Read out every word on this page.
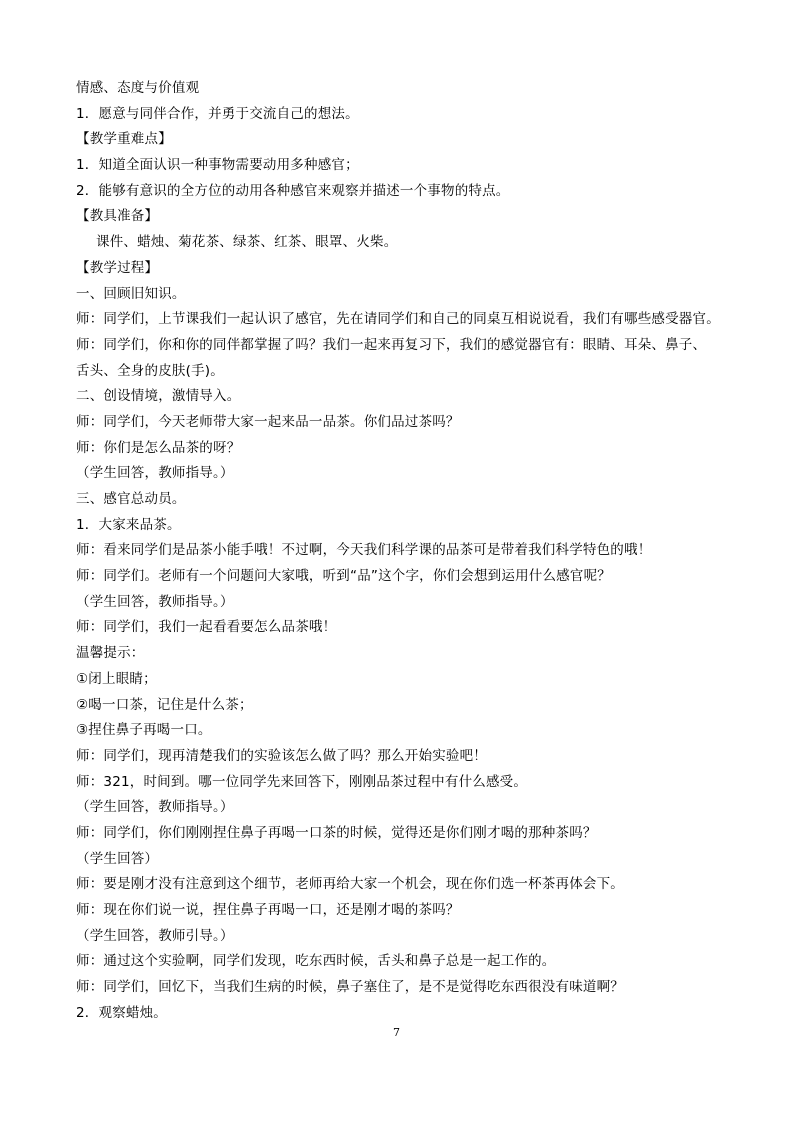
情感、态度与价值观
1．愿意与同伴合作，并勇于交流自己的想法。
【教学重难点】
1．知道全面认识一种事物需要动用多种感官；
2．能够有意识的全方位的动用各种感官来观察并描述一个事物的特点。
【教具准备】
课件、蜡烛、菊花茶、绿茶、红茶、眼罩、火柴。
【教学过程】
一、回顾旧知识。
师：同学们，上节课我们一起认识了感官，先在请同学们和自己的同桌互相说说看，我们有哪些感受器官。
师：同学们，你和你的同伴都掌握了吗？我们一起来再复习下，我们的感觉器官有：眼睛、耳朵、鼻子、
舌头、全身的皮肤(手)。
二、创设情境，激情导入。
师：同学们，今天老师带大家一起来品一品茶。你们品过茶吗？
师：你们是怎么品茶的呀？
（学生回答，教师指导。）
三、感官总动员。
1．大家来品茶。
师：看来同学们是品茶小能手哦！不过啊，今天我们科学课的品茶可是带着我们科学特色的哦！
师：同学们。老师有一个问题问大家哦，听到“品”这个字，你们会想到运用什么感官呢？
（学生回答，教师指导。）
师：同学们，我们一起看看要怎么品茶哦！
温馨提示：
①闭上眼睛；
②喝一口茶，记住是什么茶；
③捏住鼻子再喝一口。
师：同学们，现再清楚我们的实验该怎么做了吗？那么开始实验吧！
师：321，时间到。哪一位同学先来回答下，刚刚品茶过程中有什么感受。
（学生回答，教师指导。）
师：同学们，你们刚刚捏住鼻子再喝一口茶的时候，觉得还是你们刚才喝的那种茶吗？
（学生回答）
师：要是刚才没有注意到这个细节，老师再给大家一个机会，现在你们选一杯茶再体会下。
师：现在你们说一说，捏住鼻子再喝一口，还是刚才喝的茶吗？
（学生回答，教师引导。）
师：通过这个实验啊，同学们发现，吃东西时候，舌头和鼻子总是一起工作的。
师：同学们，回忆下，当我们生病的时候，鼻子塞住了，是不是觉得吃东西很没有味道啊？
2．观察蜡烛。
7
